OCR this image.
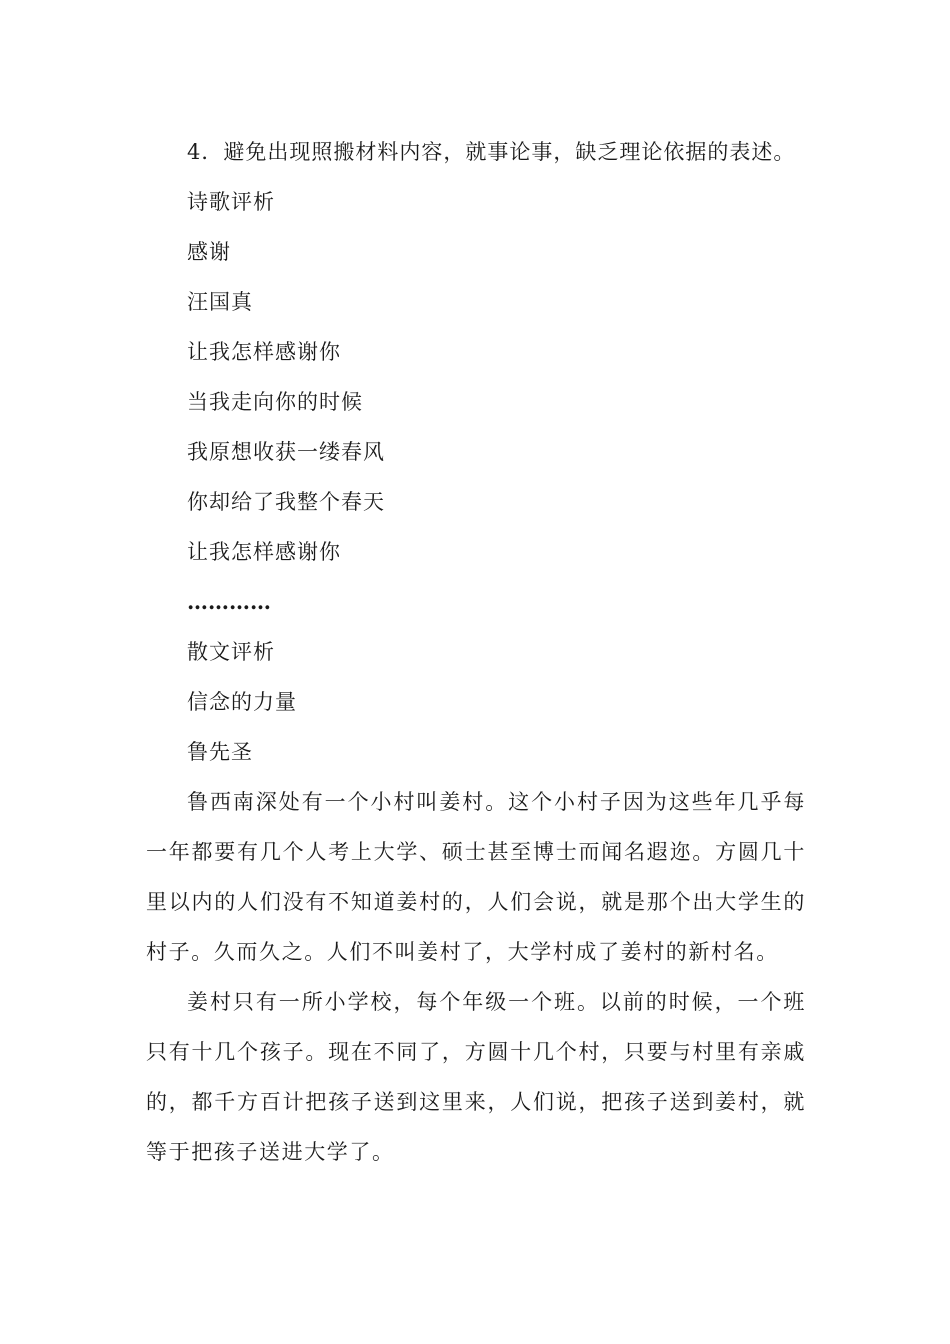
4．避免出现照搬材料内容，就事论事，缺乏理论依据的表述。
诗歌评析
感谢
汪国真
让我怎样感谢你
当我走向你的时候
我原想收获一缕春风
你却给了我整个春天
让我怎样感谢你
…………
散文评析
信念的力量
鲁先圣

鲁西南深处有一个小村叫姜村。这个小村子因为这些年几乎每一年都要有几个人考上大学、硕士甚至博士而闻名遐迩。方圆几十里以内的人们没有不知道姜村的，人们会说，就是那个出大学生的村子。久而久之。人们不叫姜村了，大学村成了姜村的新村名。

姜村只有一所小学校，每个年级一个班。以前的时候，一个班只有十几个孩子。现在不同了，方圆十几个村，只要与村里有亲戚的，都千方百计把孩子送到这里来，人们说，把孩子送到姜村，就等于把孩子送进大学了。
